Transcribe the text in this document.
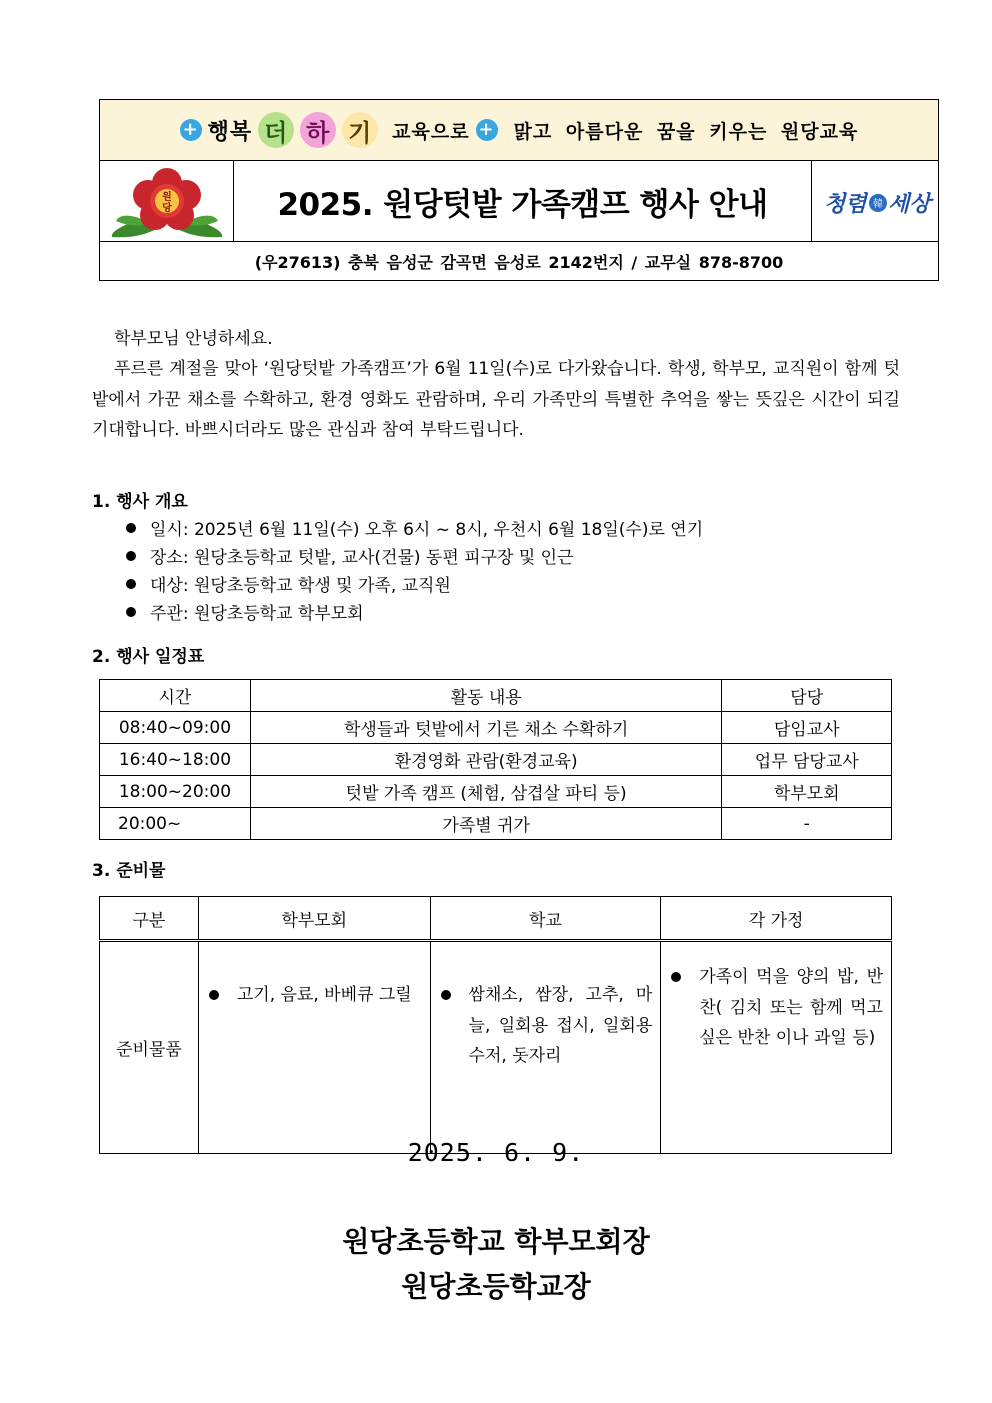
+ 행복 더 하 기	교육으로 + 맑고 아름다운 꿈을 키우는 원당교육
원
당	2025. 원당텃밭 가족캠프 행사 안내	청렴 韓 세상
(우27613) 충북 음성군 감곡면 음성로 2142번지 / 교무실 878-8700
학부모님 안녕하세요.
푸르른 계절을 맞아 ‘원당텃밭 가족캠프’가 6월 11일(수)로 다가왔습니다. 학생, 학부모, 교직원이 함께 텃밭에서 가꾼 채소를 수확하고, 환경 영화도 관람하며, 우리 가족만의 특별한 추억을 쌓는 뜻깊은 시간이 되길 기대합니다. 바쁘시더라도 많은 관심과 참여 부탁드립니다.
1. 행사 개요
일시: 2025년 6월 11일(수) 오후 6시 ~ 8시, 우천시 6월 18일(수)로 연기
장소: 원당초등학교 텃밭, 교사(건물) 동편 피구장 및 인근
대상: 원당초등학교 학생 및 가족, 교직원
주관: 원당초등학교 학부모회
2. 행사 일정표
시간	활동 내용	담당
08:40~09:00	학생들과 텃밭에서 기른 채소 수확하기	담임교사
16:40~18:00	환경영화 관람(환경교육)	업무 담당교사
18:00~20:00	텃밭 가족 캠프 (체험, 삼겹살 파티 등)	학부모회
20:00~	가족별 귀가	-
3. 준비물
구분	학부모회	학교	각 가정
준비물품	고기, 음료, 바베큐 그릴	쌈채소, 쌈장, 고추, 마늘, 일회용 접시, 일회용 수저, 돗자리	가족이 먹을 양의 밥, 반찬( 김치 또는 함께 먹고 싶은 반찬 이나 과일 등)
2025. 6. 9.
원당초등학교 학부모회장
원당초등학교장
